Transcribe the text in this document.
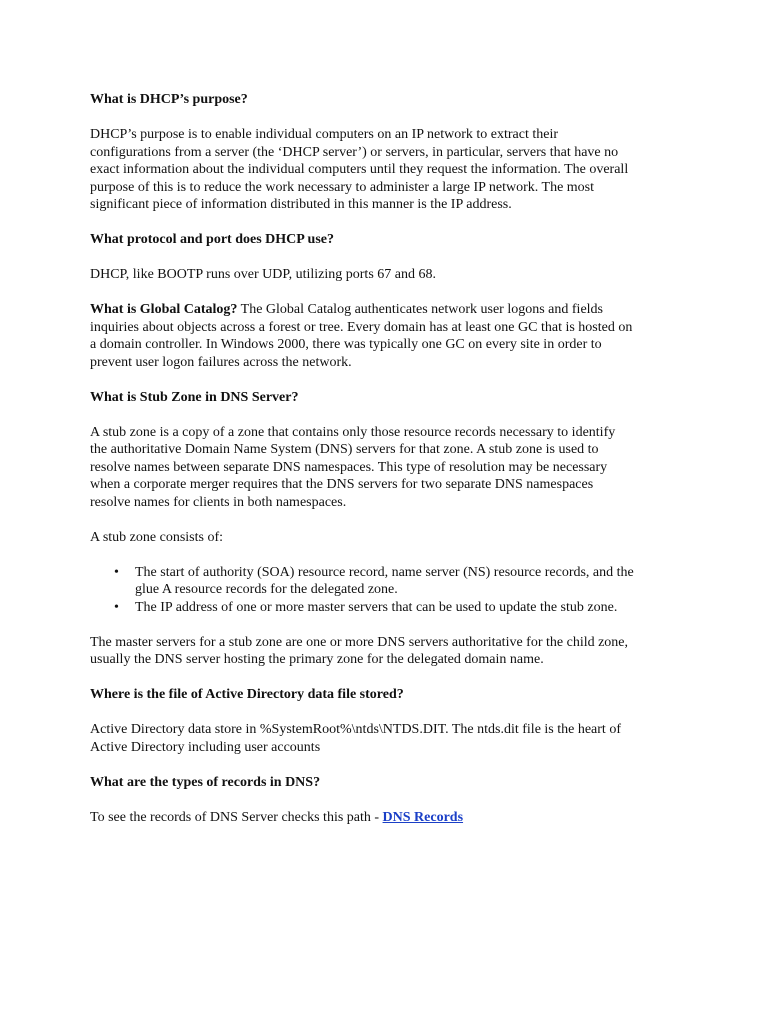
What is DHCP’s purpose?

DHCP’s purpose is to enable individual computers on an IP network to extract their
configurations from a server (the ‘DHCP server’) or servers, in particular, servers that have no
exact information about the individual computers until they request the information. The overall
purpose of this is to reduce the work necessary to administer a large IP network. The most
significant piece of information distributed in this manner is the IP address.

What protocol and port does DHCP use?

DHCP, like BOOTP runs over UDP, utilizing ports 67 and 68.
What is Global Catalog? The Global Catalog authenticates network user logons and fields
inquiries about objects across a forest or tree. Every domain has at least one GC that is hosted on
a domain controller. In Windows 2000, there was typically one GC on every site in order to
prevent user logon failures across the network.

What is Stub Zone in DNS Server?

A stub zone is a copy of a zone that contains only those resource records necessary to identify
the authoritative Domain Name System (DNS) servers for that zone. A stub zone is used to
resolve names between separate DNS namespaces. This type of resolution may be necessary
when a corporate merger requires that the DNS servers for two separate DNS namespaces
resolve names for clients in both namespaces.

A stub zone consists of:

• The start of authority (SOA) resource record, name server (NS) resource records, and the
glue A resource records for the delegated zone.
• The IP address of one or more master servers that can be used to update the stub zone.
The master servers for a stub zone are one or more DNS servers authoritative for the child zone,
usually the DNS server hosting the primary zone for the delegated domain name.

Where is the file of Active Directory data file stored?

Active Directory data store in %SystemRoot%\ntds\NTDS.DIT. The ntds.dit file is the heart of
Active Directory including user accounts

What are the types of records in DNS?

To see the records of DNS Server checks this path - DNS Records
